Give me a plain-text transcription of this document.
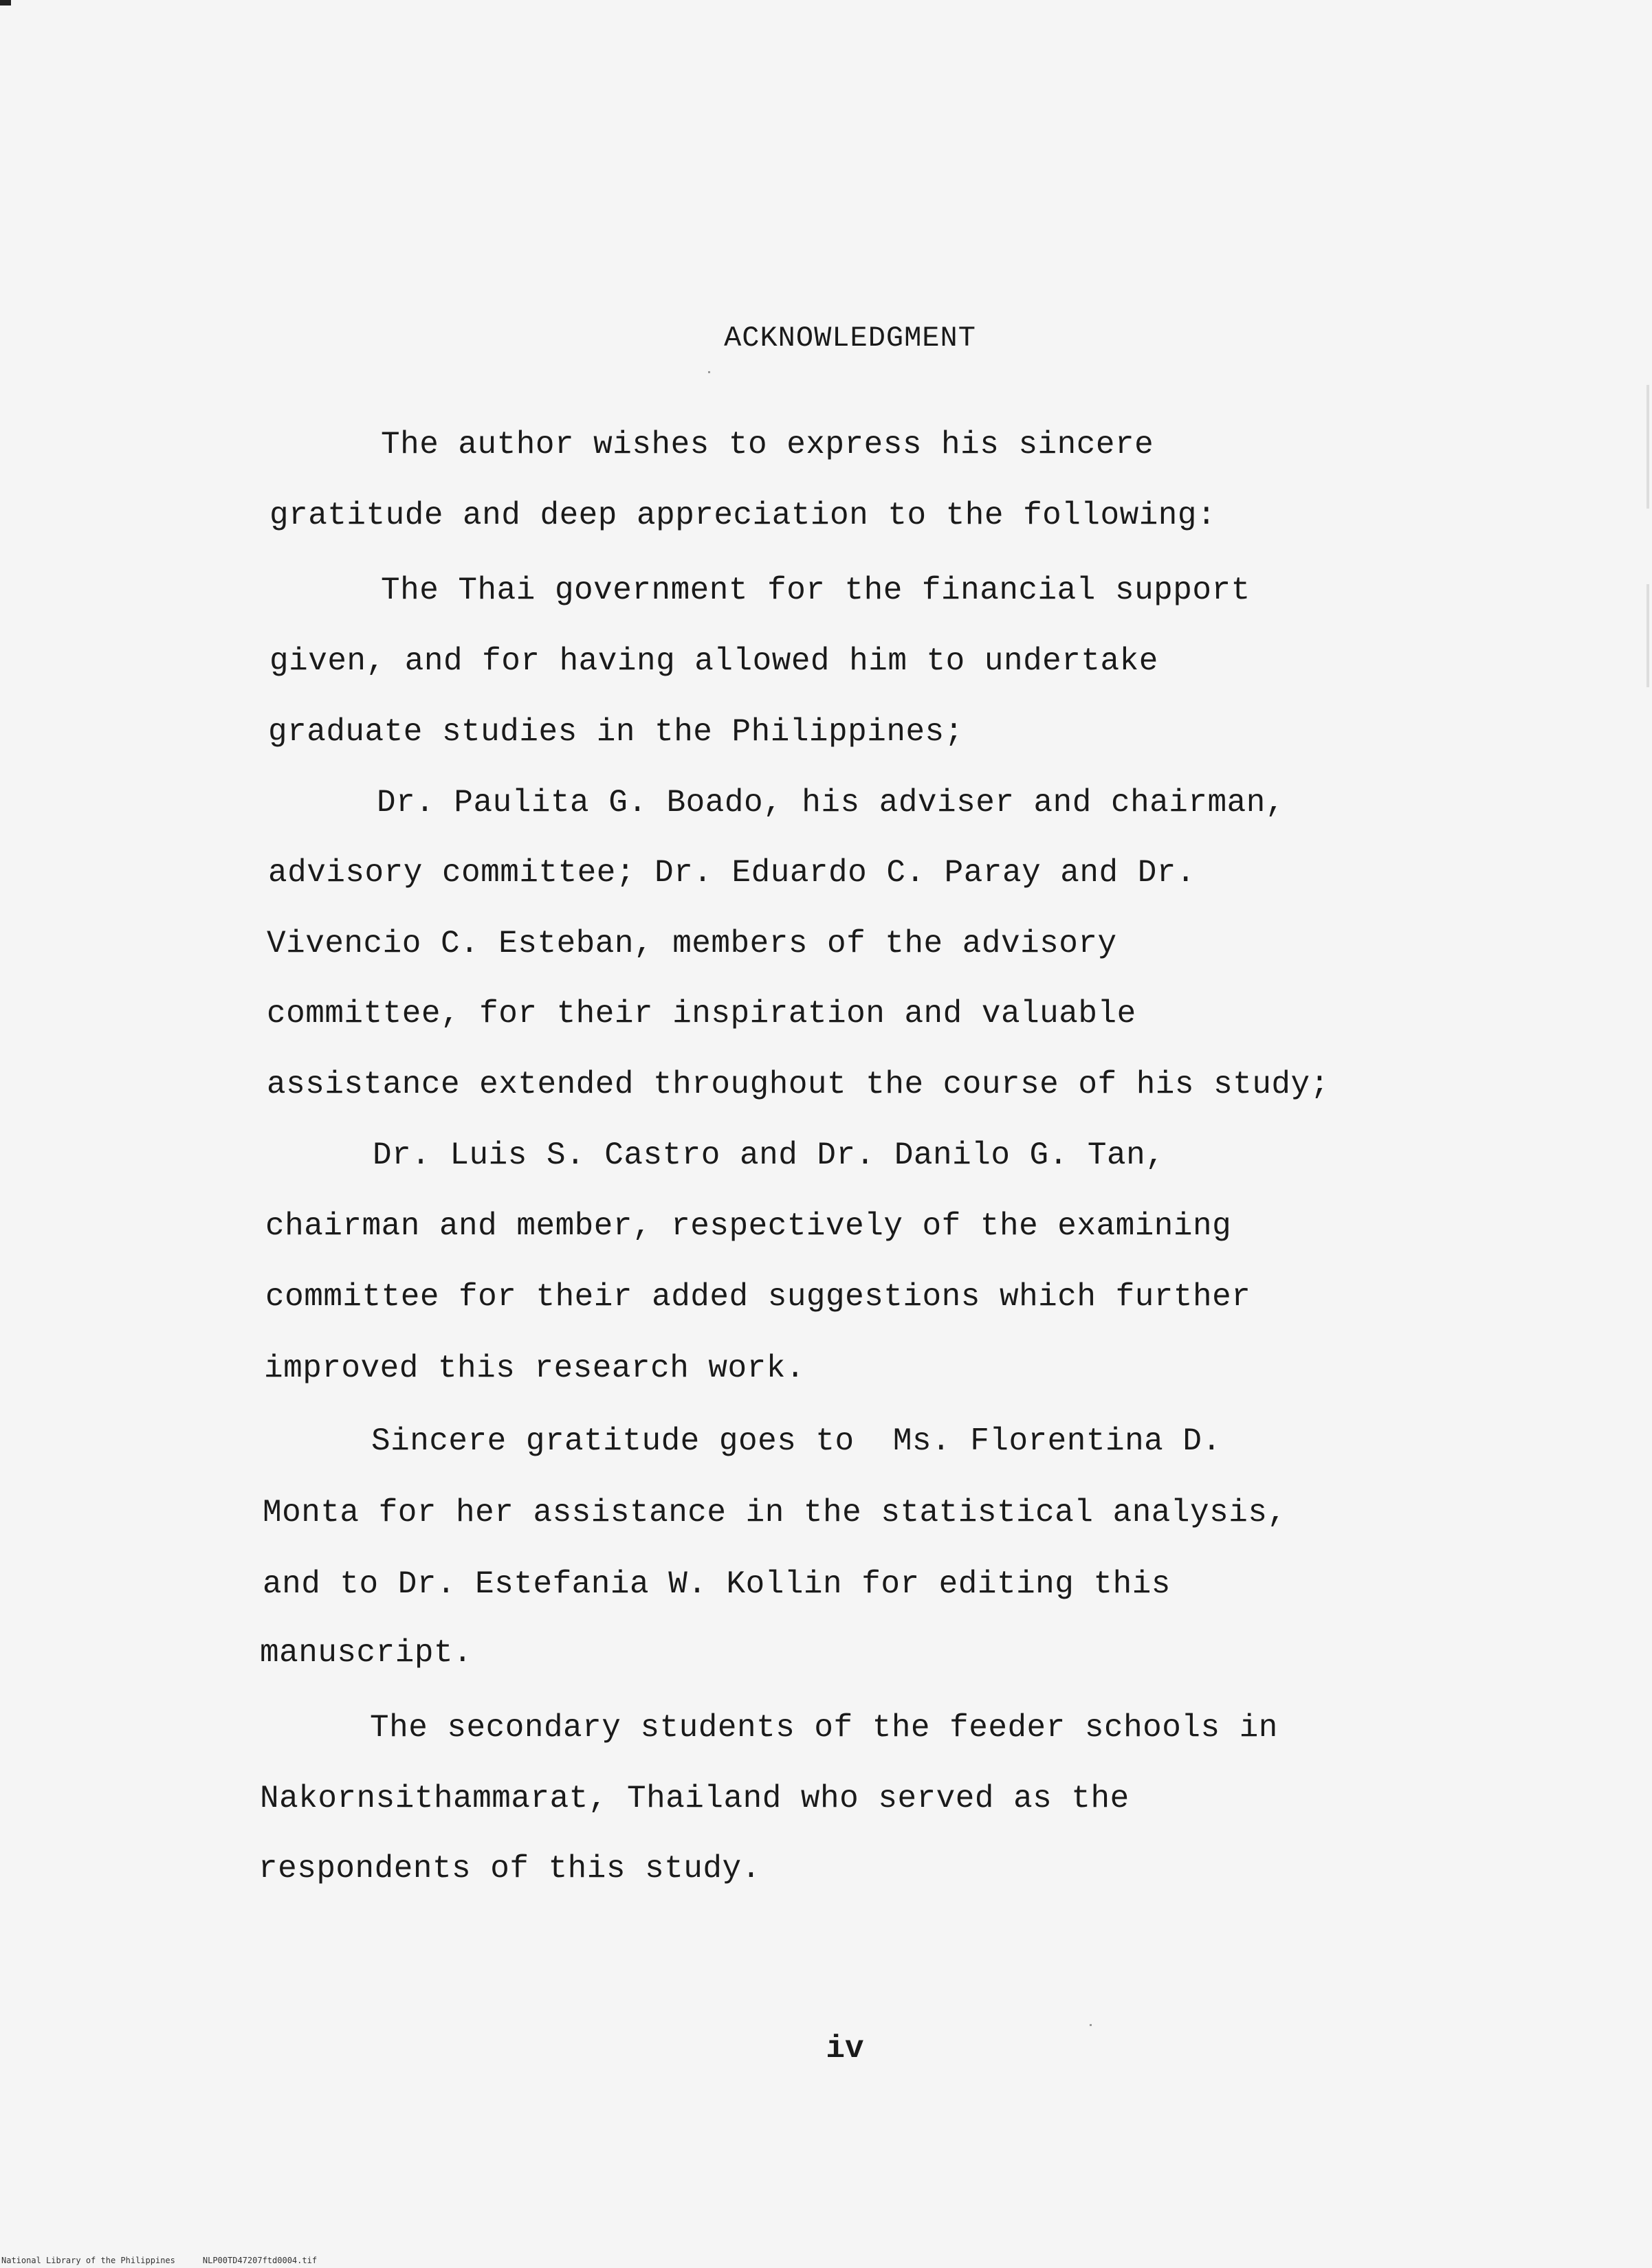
ACKNOWLEDGMENT
The author wishes to express his sincere
gratitude and deep appreciation to the following:
The Thai government for the financial support
given, and for having allowed him to undertake
graduate studies in the Philippines;
Dr. Paulita G. Boado, his adviser and chairman,
advisory committee; Dr. Eduardo C. Paray and Dr.
Vivencio C. Esteban, members of the advisory
committee, for their inspiration and valuable
assistance extended throughout the course of his study;
Dr. Luis S. Castro and Dr. Danilo G. Tan,
chairman and member, respectively of the examining
committee for their added suggestions which further
improved this research work.
Sincere gratitude goes to  Ms. Florentina D.
Monta for her assistance in the statistical analysis,
and to Dr. Estefania W. Kollin for editing this
manuscript.
The secondary students of the feeder schools in
Nakornsithammarat, Thailand who served as the
respondents of this study.
iv
National Library of the Philippines	NLP00TD47207ftd0004.tif
